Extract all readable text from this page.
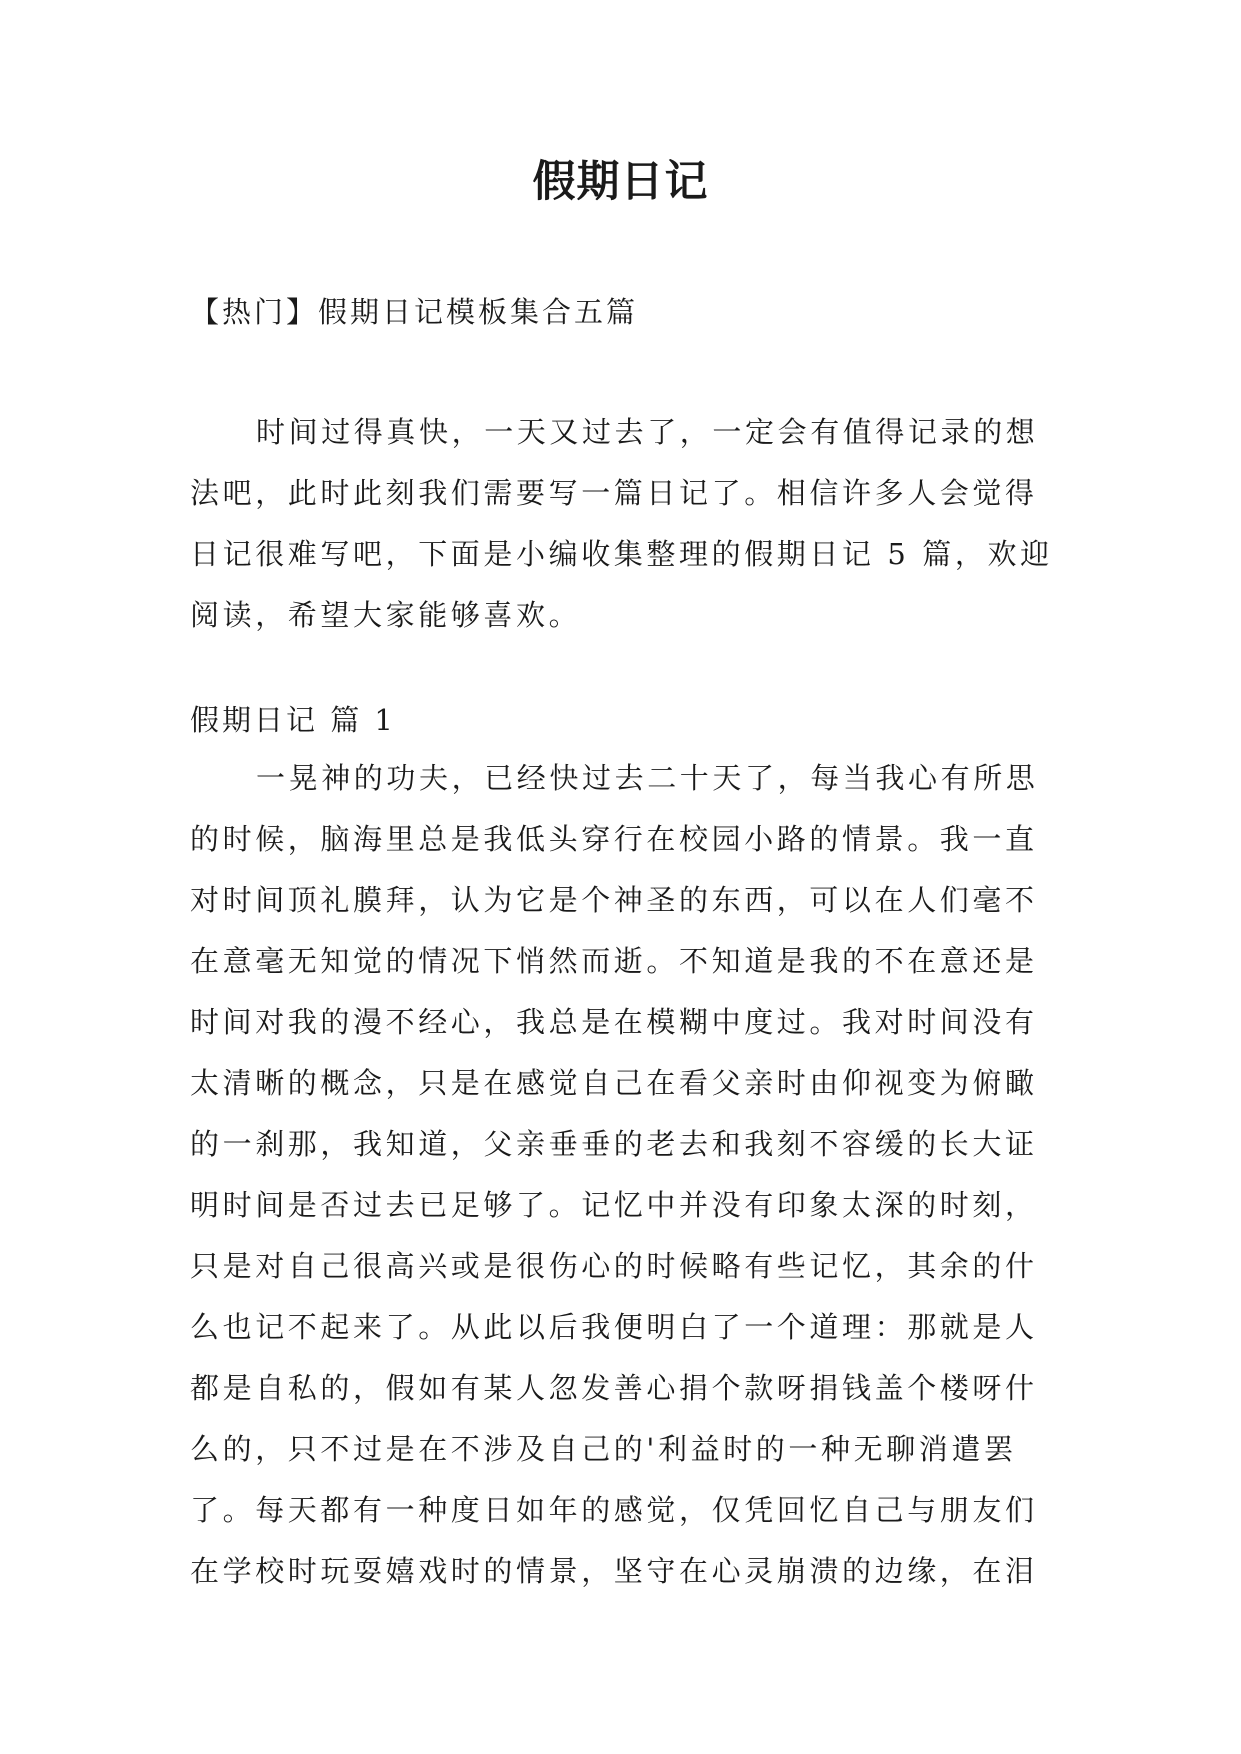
假期日记

【热门】假期日记模板集合五篇

时间过得真快，一天又过去了，一定会有值得记录的想
法吧，此时此刻我们需要写一篇日记了。相信许多人会觉得
日记很难写吧，下面是小编收集整理的假期日记 5 篇，欢迎
阅读，希望大家能够喜欢。

假期日记 篇 1

一晃神的功夫，已经快过去二十天了，每当我心有所思
的时候，脑海里总是我低头穿行在校园小路的情景。我一直
对时间顶礼膜拜，认为它是个神圣的东西，可以在人们毫不
在意毫无知觉的情况下悄然而逝。不知道是我的不在意还是
时间对我的漫不经心，我总是在模糊中度过。我对时间没有
太清晰的概念，只是在感觉自己在看父亲时由仰视变为俯瞰
的一刹那，我知道，父亲垂垂的老去和我刻不容缓的长大证
明时间是否过去已足够了。记忆中并没有印象太深的时刻，
只是对自己很高兴或是很伤心的时候略有些记忆，其余的什
么也记不起来了。从此以后我便明白了一个道理：那就是人
都是自私的，假如有某人忽发善心捐个款呀捐钱盖个楼呀什
么的，只不过是在不涉及自己的'利益时的一种无聊消遣罢
了。每天都有一种度日如年的感觉，仅凭回忆自己与朋友们
在学校时玩耍嬉戏时的情景，坚守在心灵崩溃的边缘，在泪
